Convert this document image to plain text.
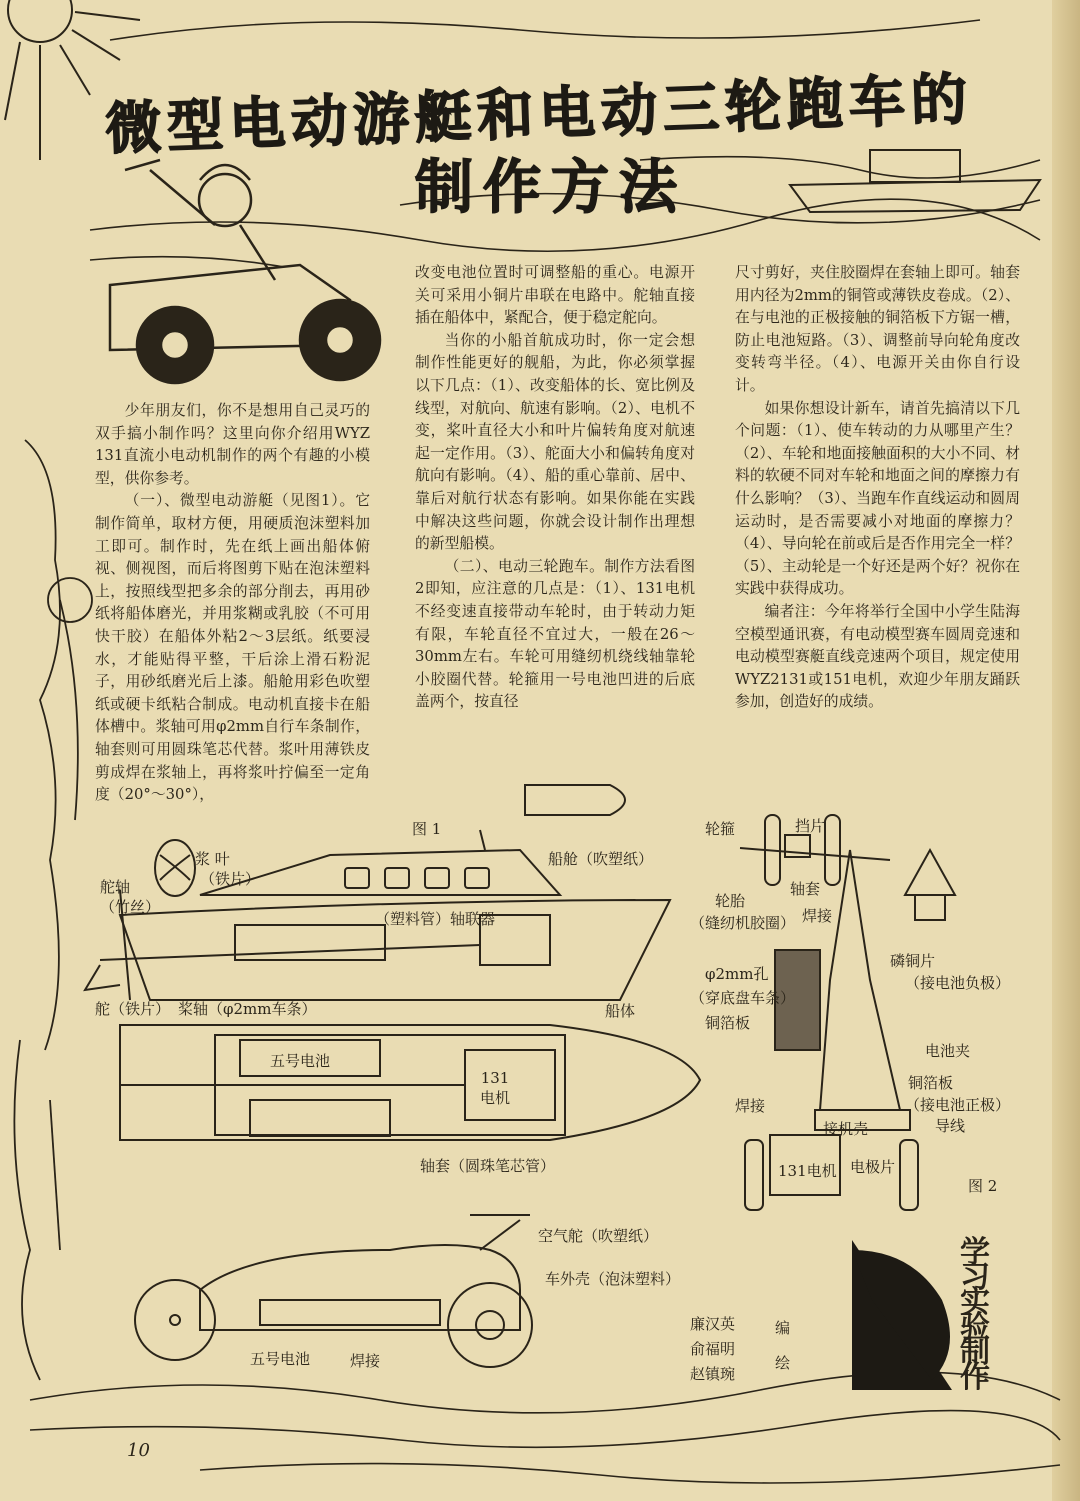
微型电动游艇和电动三轮跑车的
制作方法

少年朋友们，你不是想用自己灵巧的双手搞小制作吗？这里向你介绍用WYZ 131直流小电动机制作的两个有趣的小模型，供你参考。

（一）、微型电动游艇（见图1）。它制作简单，取材方便，用硬质泡沫塑料加工即可。制作时，先在纸上画出船体俯视、侧视图，而后将图剪下贴在泡沫塑料上，按照线型把多余的部分削去，再用砂纸将船体磨光，并用浆糊或乳胶（不可用快干胶）在船体外粘2～3层纸。纸要浸水，才能贴得平整，干后涂上滑石粉泥子，用砂纸磨光后上漆。船舱用彩色吹塑纸或硬卡纸粘合制成。电动机直接卡在船体槽中。浆轴可用φ2mm自行车条制作，轴套则可用圆珠笔芯代替。浆叶用薄铁皮剪成焊在浆轴上，再将浆叶拧偏至一定角度（20°～30°），

改变电池位置时可调整船的重心。电源开关可采用小铜片串联在电路中。舵轴直接插在船体中，紧配合，便于稳定舵向。

当你的小船首航成功时，你一定会想制作性能更好的舰船，为此，你必须掌握以下几点：（1）、改变船体的长、宽比例及线型，对航向、航速有影响。（2）、电机不变，桨叶直径大小和叶片偏转角度对航速起一定作用。（3）、舵面大小和偏转角度对航向有影响。（4）、船的重心靠前、居中、靠后对航行状态有影响。如果你能在实践中解决这些问题，你就会设计制作出理想的新型船模。

（二）、电动三轮跑车。制作方法看图2即知，应注意的几点是：（1）、131电机不经变速直接带动车轮时，由于转动力矩有限，车轮直径不宜过大，一般在26～30mm左右。车轮可用缝纫机绕线轴靠轮小胶圈代替。轮箍用一号电池凹进的后底盖两个，按直径

尺寸剪好，夹住胶圈焊在套轴上即可。轴套用内径为2mm的铜管或薄铁皮卷成。（2）、在与电池的正极接触的铜箔板下方锯一槽，防止电池短路。（3）、调整前导向轮角度改变转弯半径。（4）、电源开关由你自行设计。

如果你想设计新车，请首先搞清以下几个问题：（1）、使车转动的力从哪里产生？（2）、车轮和地面接触面积的大小不同、材料的软硬不同对车轮和地面之间的摩擦力有什么影响？（3）、当跑车作直线运动和圆周运动时，是否需要减小对地面的摩擦力？（4）、导向轮在前或后是否作用完全一样？（5）、主动轮是一个好还是两个好？祝你在实践中获得成功。

编者注：今年将举行全国中小学生陆海空模型通讯赛，有电动模型赛车圆周竞速和电动模型赛艇直线竞速两个项目，规定使用WYZ2131或151电机，欢迎少年朋友踊跃参加，创造好的成绩。

图 1
浆 叶
（铁片）
船舱（吹塑纸）
舵轴
（竹丝）
（塑料管）轴联器
舵（铁片） 桨轴（φ2mm车条）	船体
五号电池
131
电机
轴套（圆珠笔芯管）
轮箍	挡片
轴套
轮胎
（缝纫机胶圈） 焊接
磷铜片
（接电池负极）
φ2mm孔
（穿底盘车条）
铜箔板
电池夹
铜箔板
（接电池正极）
焊接
接机壳	导线
131电机 电极片
图 2
空气舵（吹塑纸）
车外壳（泡沫塑料）
五号电池	焊接
廉汉英
俞福明
赵镇琬
编
绘
学
习
实
验
制
作
10
